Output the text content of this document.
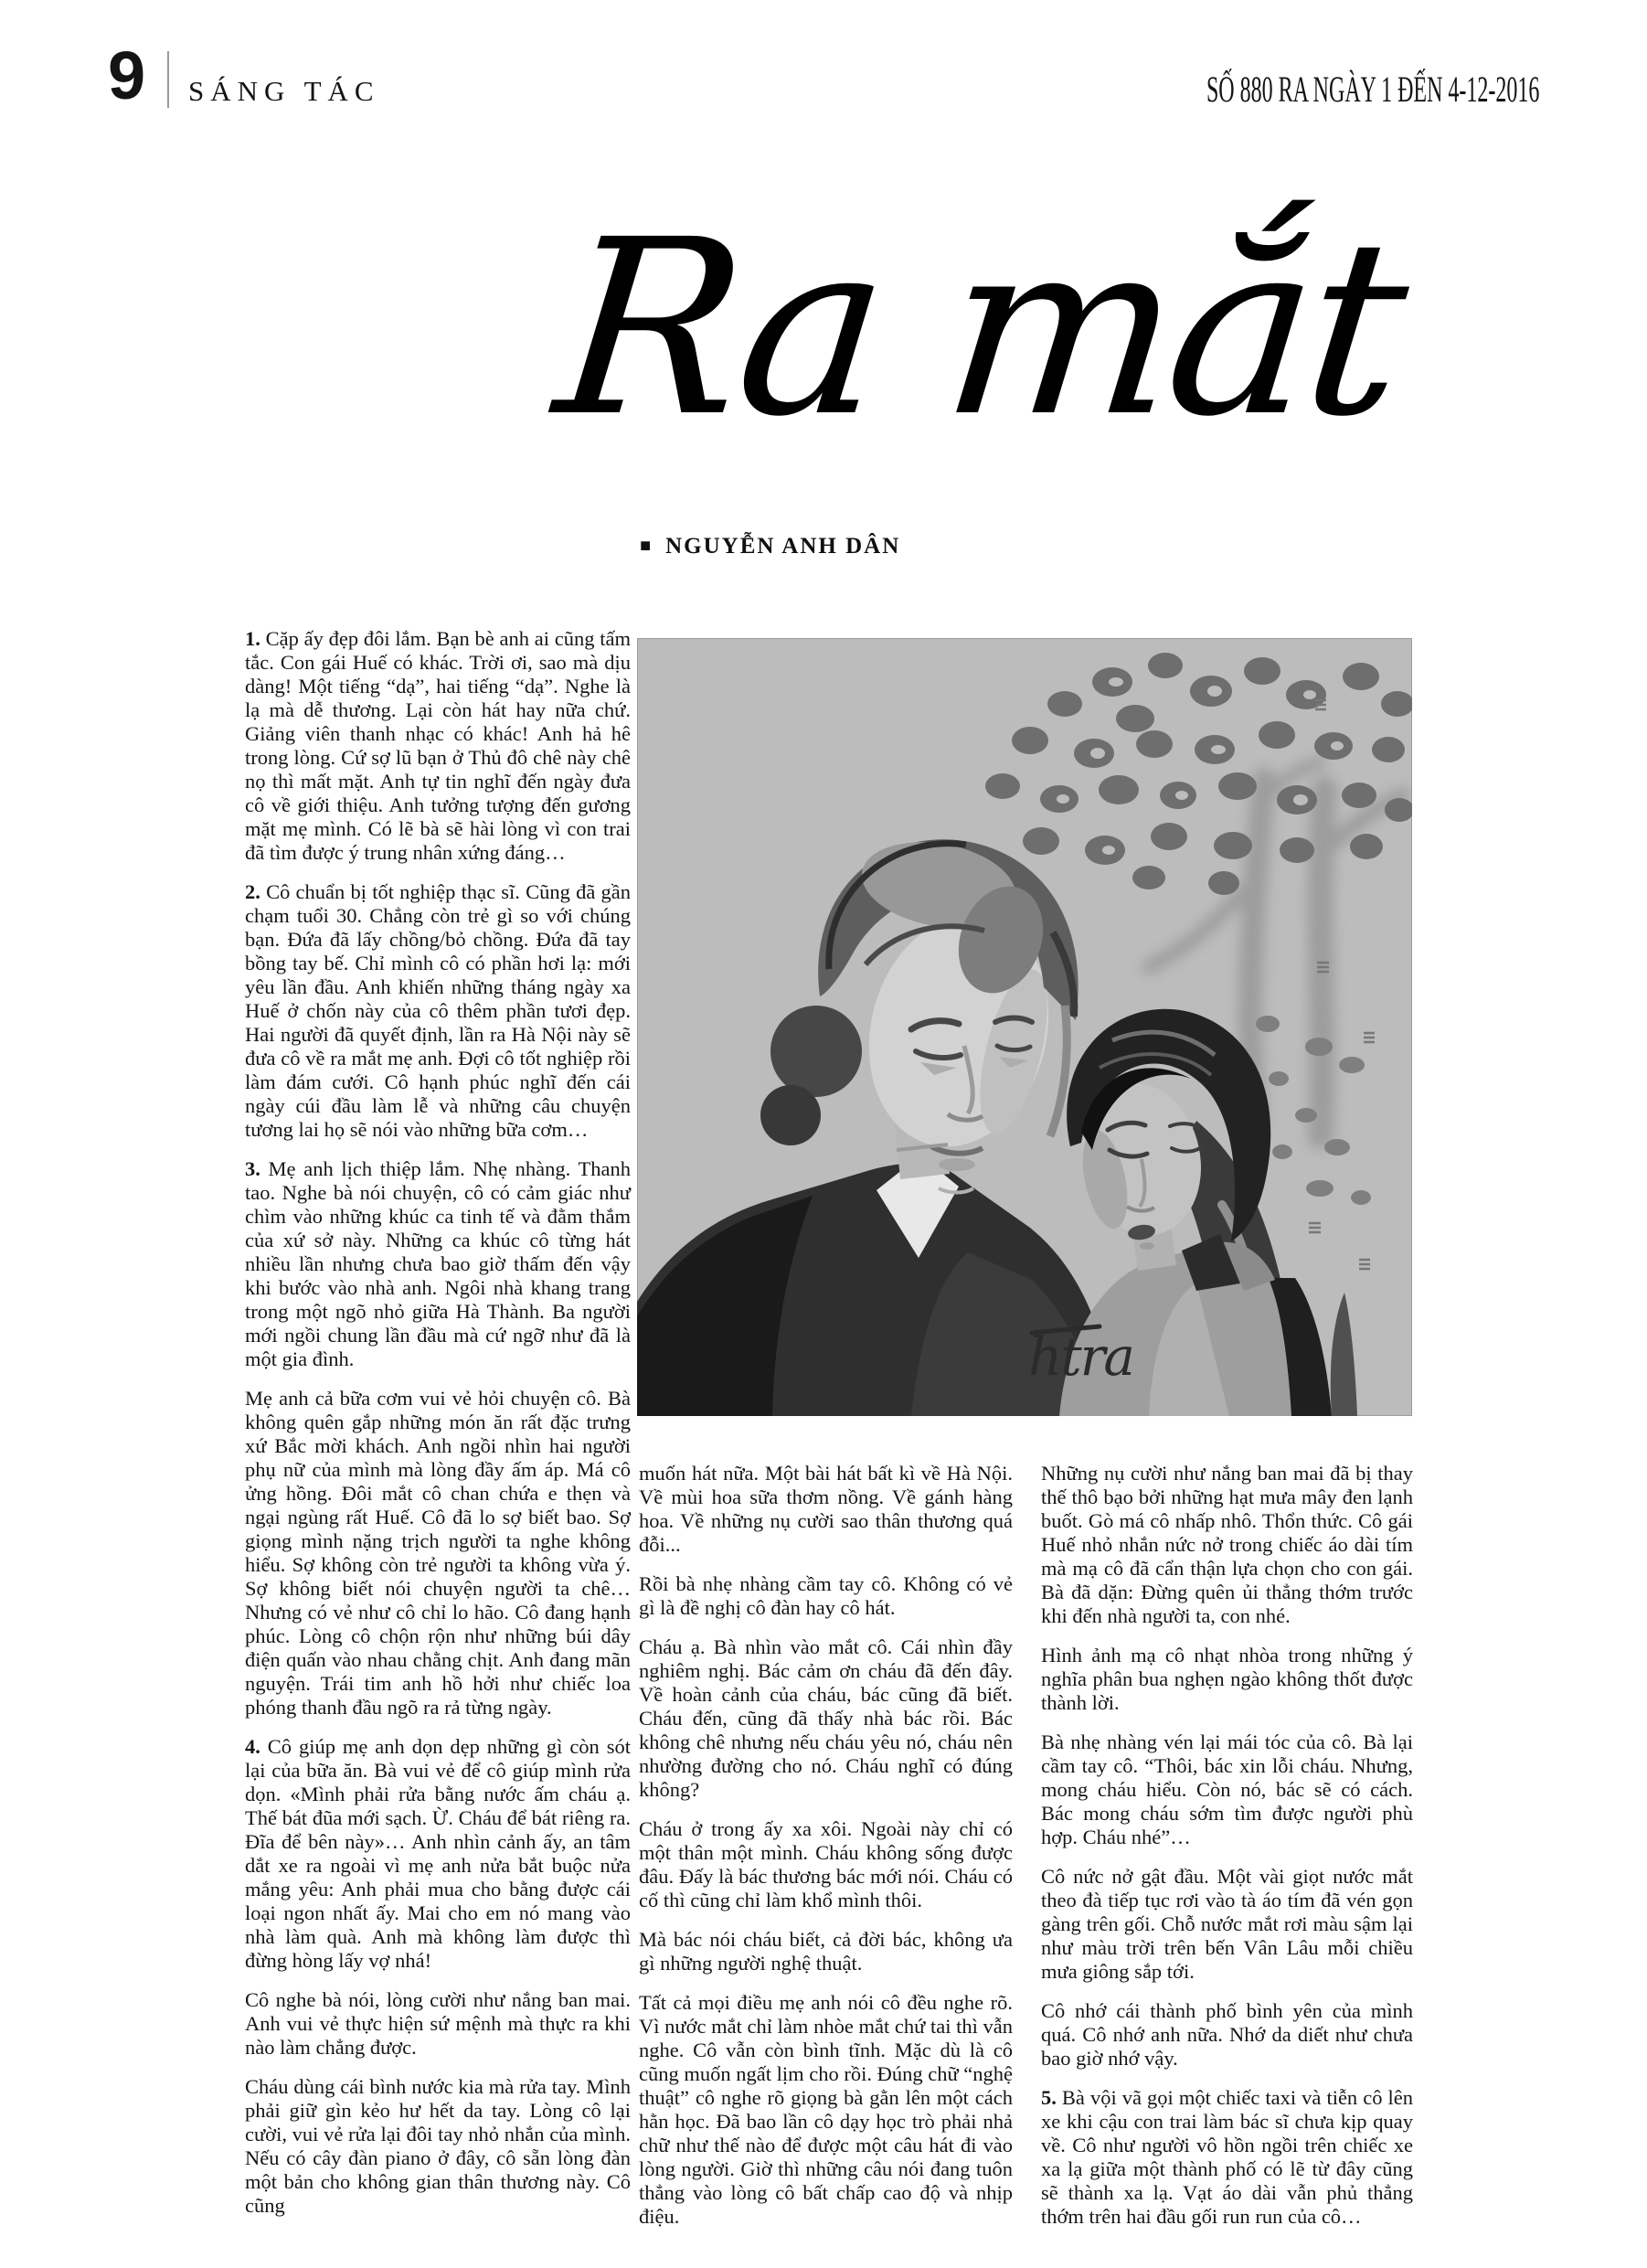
9 SÁNG TÁC	SỐ 880 RA NGÀY 1 ĐẾN 4-12-2016
Ra mắt
■ NGUYỄN ANH DÂN
htra

1. Cặp ấy đẹp đôi lắm. Bạn bè anh ai cũng tấm tắc. Con gái Huế có khác. Trời ơi, sao mà dịu dàng! Một tiếng “dạ”, hai tiếng “dạ”. Nghe là lạ mà dễ thương. Lại còn hát hay nữa chứ. Giảng viên thanh nhạc có khác! Anh hả hê trong lòng. Cứ sợ lũ bạn ở Thủ đô chê này chê nọ thì mất mặt. Anh tự tin nghĩ đến ngày đưa cô về giới thiệu. Anh tưởng tượng đến gương mặt mẹ mình. Có lẽ bà sẽ hài lòng vì con trai đã tìm được ý trung nhân xứng đáng…

2. Cô chuẩn bị tốt nghiệp thạc sĩ. Cũng đã gần chạm tuổi 30. Chẳng còn trẻ gì so với chúng bạn. Đứa đã lấy chồng/bỏ chồng. Đứa đã tay bồng tay bế. Chỉ mình cô có phần hơi lạ: mới yêu lần đầu. Anh khiến những tháng ngày xa Huế ở chốn này của cô thêm phần tươi đẹp. Hai người đã quyết định, lần ra Hà Nội này sẽ đưa cô về ra mắt mẹ anh. Đợi cô tốt nghiệp rồi làm đám cưới. Cô hạnh phúc nghĩ đến cái ngày cúi đầu làm lễ và những câu chuyện tương lai họ sẽ nói vào những bữa cơm…

3. Mẹ anh lịch thiệp lắm. Nhẹ nhàng. Thanh tao. Nghe bà nói chuyện, cô có cảm giác như chìm vào những khúc ca tinh tế và đằm thắm của xứ sở này. Những ca khúc cô từng hát nhiều lần nhưng chưa bao giờ thấm đến vậy khi bước vào nhà anh. Ngôi nhà khang trang trong một ngõ nhỏ giữa Hà Thành. Ba người mới ngồi chung lần đầu mà cứ ngỡ như đã là một gia đình.

Mẹ anh cả bữa cơm vui vẻ hỏi chuyện cô. Bà không quên gắp những món ăn rất đặc trưng xứ Bắc mời khách. Anh ngồi nhìn hai người phụ nữ của mình mà lòng đầy ấm áp. Má cô ửng hồng. Đôi mắt cô chan chứa e thẹn và ngại ngùng rất Huế. Cô đã lo sợ biết bao. Sợ giọng mình nặng trịch người ta nghe không hiểu. Sợ không còn trẻ người ta không vừa ý. Sợ không biết nói chuyện người ta chê… Nhưng có vẻ như cô chỉ lo hão. Cô đang hạnh phúc. Lòng cô chộn rộn như những búi dây điện quấn vào nhau chằng chịt. Anh đang mãn nguyện. Trái tim anh hồ hởi như chiếc loa phóng thanh đầu ngõ ra rả từng ngày.

4. Cô giúp mẹ anh dọn dẹp những gì còn sót lại của bữa ăn. Bà vui vẻ để cô giúp mình rửa dọn. «Mình phải rửa bằng nước ấm cháu ạ. Thế bát đũa mới sạch. Ừ. Cháu để bát riêng ra. Đĩa để bên này»… Anh nhìn cảnh ấy, an tâm dắt xe ra ngoài vì mẹ anh nửa bắt buộc nửa mắng yêu: Anh phải mua cho bằng được cái loại ngon nhất ấy. Mai cho em nó mang vào nhà làm quà. Anh mà không làm được thì đừng hòng lấy vợ nhá!

Cô nghe bà nói, lòng cười như nắng ban mai. Anh vui vẻ thực hiện sứ mệnh mà thực ra khi nào làm chẳng được.

Cháu dùng cái bình nước kia mà rửa tay. Mình phải giữ gìn kẻo hư hết da tay. Lòng cô lại cười, vui vẻ rửa lại đôi tay nhỏ nhắn của mình. Nếu có cây đàn piano ở đây, cô sẵn lòng đàn một bản cho không gian thân thương này. Cô cũng

muốn hát nữa. Một bài hát bất kì về Hà Nội. Về mùi hoa sữa thơm nồng. Về gánh hàng hoa. Về những nụ cười sao thân thương quá đỗi...

Rồi bà nhẹ nhàng cầm tay cô. Không có vẻ gì là đề nghị cô đàn hay cô hát.

Cháu ạ. Bà nhìn vào mắt cô. Cái nhìn đầy nghiêm nghị. Bác cảm ơn cháu đã đến đây. Về hoàn cảnh của cháu, bác cũng đã biết. Cháu đến, cũng đã thấy nhà bác rồi. Bác không chê nhưng nếu cháu yêu nó, cháu nên nhường đường cho nó. Cháu nghĩ có đúng không?

Cháu ở trong ấy xa xôi. Ngoài này chỉ có một thân một mình. Cháu không sống được đâu. Đấy là bác thương bác mới nói. Cháu có cố thì cũng chỉ làm khổ mình thôi.

Mà bác nói cháu biết, cả đời bác, không ưa gì những người nghệ thuật.

Tất cả mọi điều mẹ anh nói cô đều nghe rõ. Vì nước mắt chỉ làm nhòe mắt chứ tai thì vẫn nghe. Cô vẫn còn bình tĩnh. Mặc dù là cô cũng muốn ngất lịm cho rồi. Đúng chữ “nghệ thuật” cô nghe rõ giọng bà gằn lên một cách hằn học. Đã bao lần cô dạy học trò phải nhả chữ như thế nào để được một câu hát đi vào lòng người. Giờ thì những câu nói đang tuôn thẳng vào lòng cô bất chấp cao độ và nhịp điệu.

Những nụ cười như nắng ban mai đã bị thay thế thô bạo bởi những hạt mưa mây đen lạnh buốt. Gò má cô nhấp nhô. Thổn thức. Cô gái Huế nhỏ nhắn nức nở trong chiếc áo dài tím mà mạ cô đã cẩn thận lựa chọn cho con gái. Bà đã dặn: Đừng quên ủi thẳng thớm trước khi đến nhà người ta, con nhé.

Hình ảnh mạ cô nhạt nhòa trong những ý nghĩa phân bua nghẹn ngào không thốt được thành lời.

Bà nhẹ nhàng vén lại mái tóc của cô. Bà lại cầm tay cô. “Thôi, bác xin lỗi cháu. Nhưng, mong cháu hiểu. Còn nó, bác sẽ có cách. Bác mong cháu sớm tìm được người phù hợp. Cháu nhé”…

Cô nức nở gật đầu. Một vài giọt nước mắt theo đà tiếp tục rơi vào tà áo tím đã vén gọn gàng trên gối. Chỗ nước mắt rơi màu sậm lại như màu trời trên bến Vân Lâu mỗi chiều mưa giông sắp tới.

Cô nhớ cái thành phố bình yên của mình quá. Cô nhớ anh nữa. Nhớ da diết như chưa bao giờ nhớ vậy.

5. Bà vội vã gọi một chiếc taxi và tiễn cô lên xe khi cậu con trai làm bác sĩ chưa kịp quay về. Cô như người vô hồn ngồi trên chiếc xe xa lạ giữa một thành phố có lẽ từ đây cũng sẽ thành xa lạ. Vạt áo dài vẫn phủ thẳng thớm trên hai đầu gối run run của cô…
